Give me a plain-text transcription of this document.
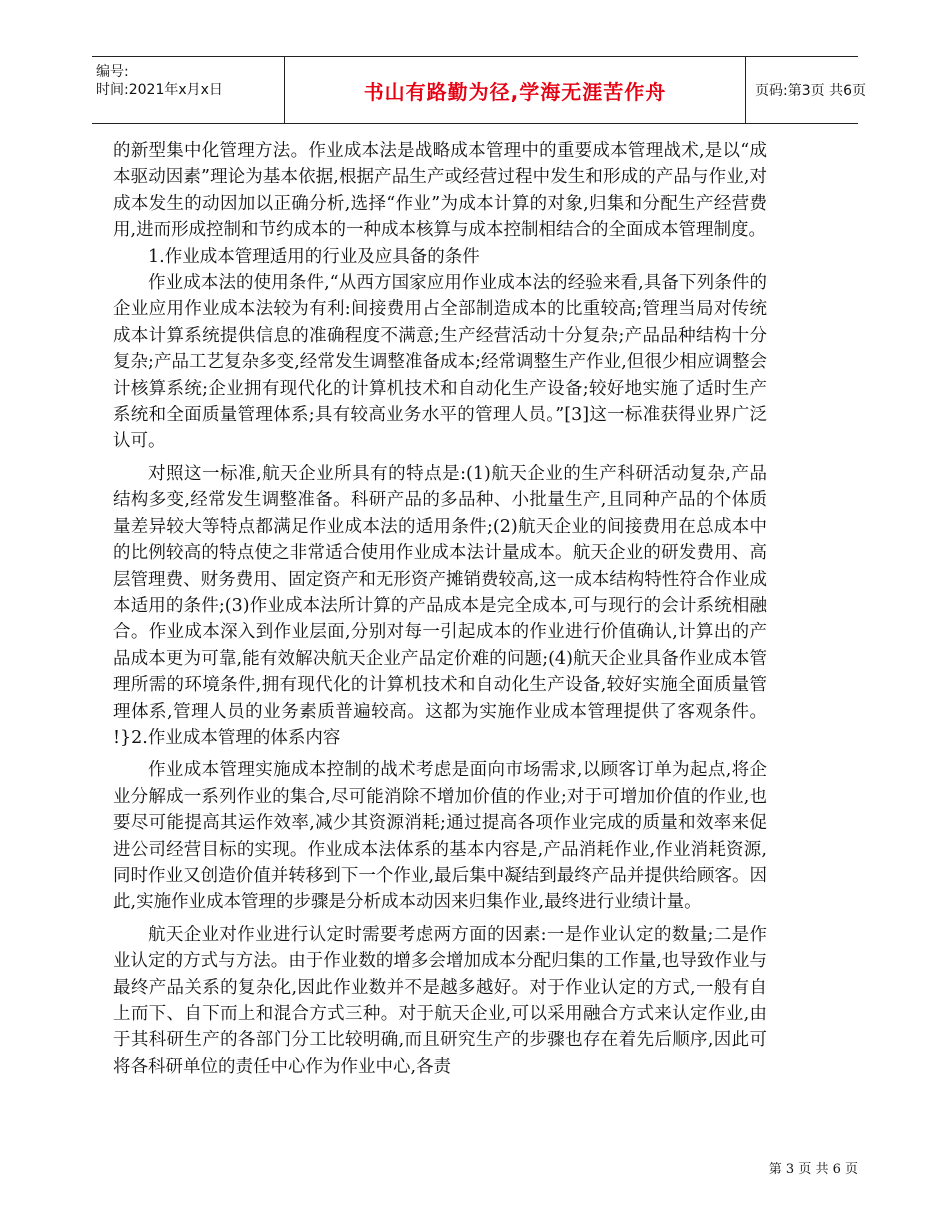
编号:
时间:2021年x月x日	书山有路勤为径,学海无涯苦作舟	页码:第3页 共6页

的新型集中化管理方法。作业成本法是战略成本管理中的重要成本管理战术,是以“成本驱动因素”理论为基本依据,根据产品生产或经营过程中发生和形成的产品与作业,对成本发生的动因加以正确分析,选择“作业”为成本计算的对象,归集和分配生产经营费用,进而形成控制和节约成本的一种成本核算与成本控制相结合的全面成本管理制度。

1.作业成本管理适用的行业及应具备的条件

作业成本法的使用条件,“从西方国家应用作业成本法的经验来看,具备下列条件的企业应用作业成本法较为有利:间接费用占全部制造成本的比重较高;管理当局对传统成本计算系统提供信息的准确程度不满意;生产经营活动十分复杂;产品品种结构十分复杂;产品工艺复杂多变,经常发生调整准备成本;经常调整生产作业,但很少相应调整会计核算系统;企业拥有现代化的计算机技术和自动化生产设备;较好地实施了适时生产系统和全面质量管理体系;具有较高业务水平的管理人员。”[3]这一标准获得业界广泛认可。

对照这一标准,航天企业所具有的特点是:(1)航天企业的生产科研活动复杂,产品结构多变,经常发生调整准备。科研产品的多品种、小批量生产,且同种产品的个体质量差异较大等特点都满足作业成本法的适用条件;(2)航天企业的间接费用在总成本中的比例较高的特点使之非常适合使用作业成本法计量成本。航天企业的研发费用、高层管理费、财务费用、固定资产和无形资产摊销费较高,这一成本结构特性符合作业成本适用的条件;(3)作业成本法所计算的产品成本是完全成本,可与现行的会计系统相融合。作业成本深入到作业层面,分别对每一引起成本的作业进行价值确认,计算出的产品成本更为可靠,能有效解决航天企业产品定价难的问题;(4)航天企业具备作业成本管理所需的环境条件,拥有现代化的计算机技术和自动化生产设备,较好实施全面质量管理体系,管理人员的业务素质普遍较高。这都为实施作业成本管理提供了客观条件。 !}2.作业成本管理的体系内容

作业成本管理实施成本控制的战术考虑是面向市场需求,以顾客订单为起点,将企业分解成一系列作业的集合,尽可能消除不增加价值的作业;对于可增加价值的作业,也要尽可能提高其运作效率,减少其资源消耗;通过提高各项作业完成的质量和效率来促进公司经营目标的实现。作业成本法体系的基本内容是,产品消耗作业,作业消耗资源,同时作业又创造价值并转移到下一个作业,最后集中凝结到最终产品并提供给顾客。因此,实施作业成本管理的步骤是分析成本动因来归集作业,最终进行业绩计量。

航天企业对作业进行认定时需要考虑两方面的因素:一是作业认定的数量;二是作业认定的方式与方法。由于作业数的增多会增加成本分配归集的工作量,也导致作业与最终产品关系的复杂化,因此作业数并不是越多越好。对于作业认定的方式,一般有自上而下、自下而上和混合方式三种。对于航天企业,可以采用融合方式来认定作业,由于其科研生产的各部门分工比较明确,而且研究生产的步骤也存在着先后顺序,因此可将各科研单位的责任中心作为作业中心,各责

第 3 页 共 6 页
